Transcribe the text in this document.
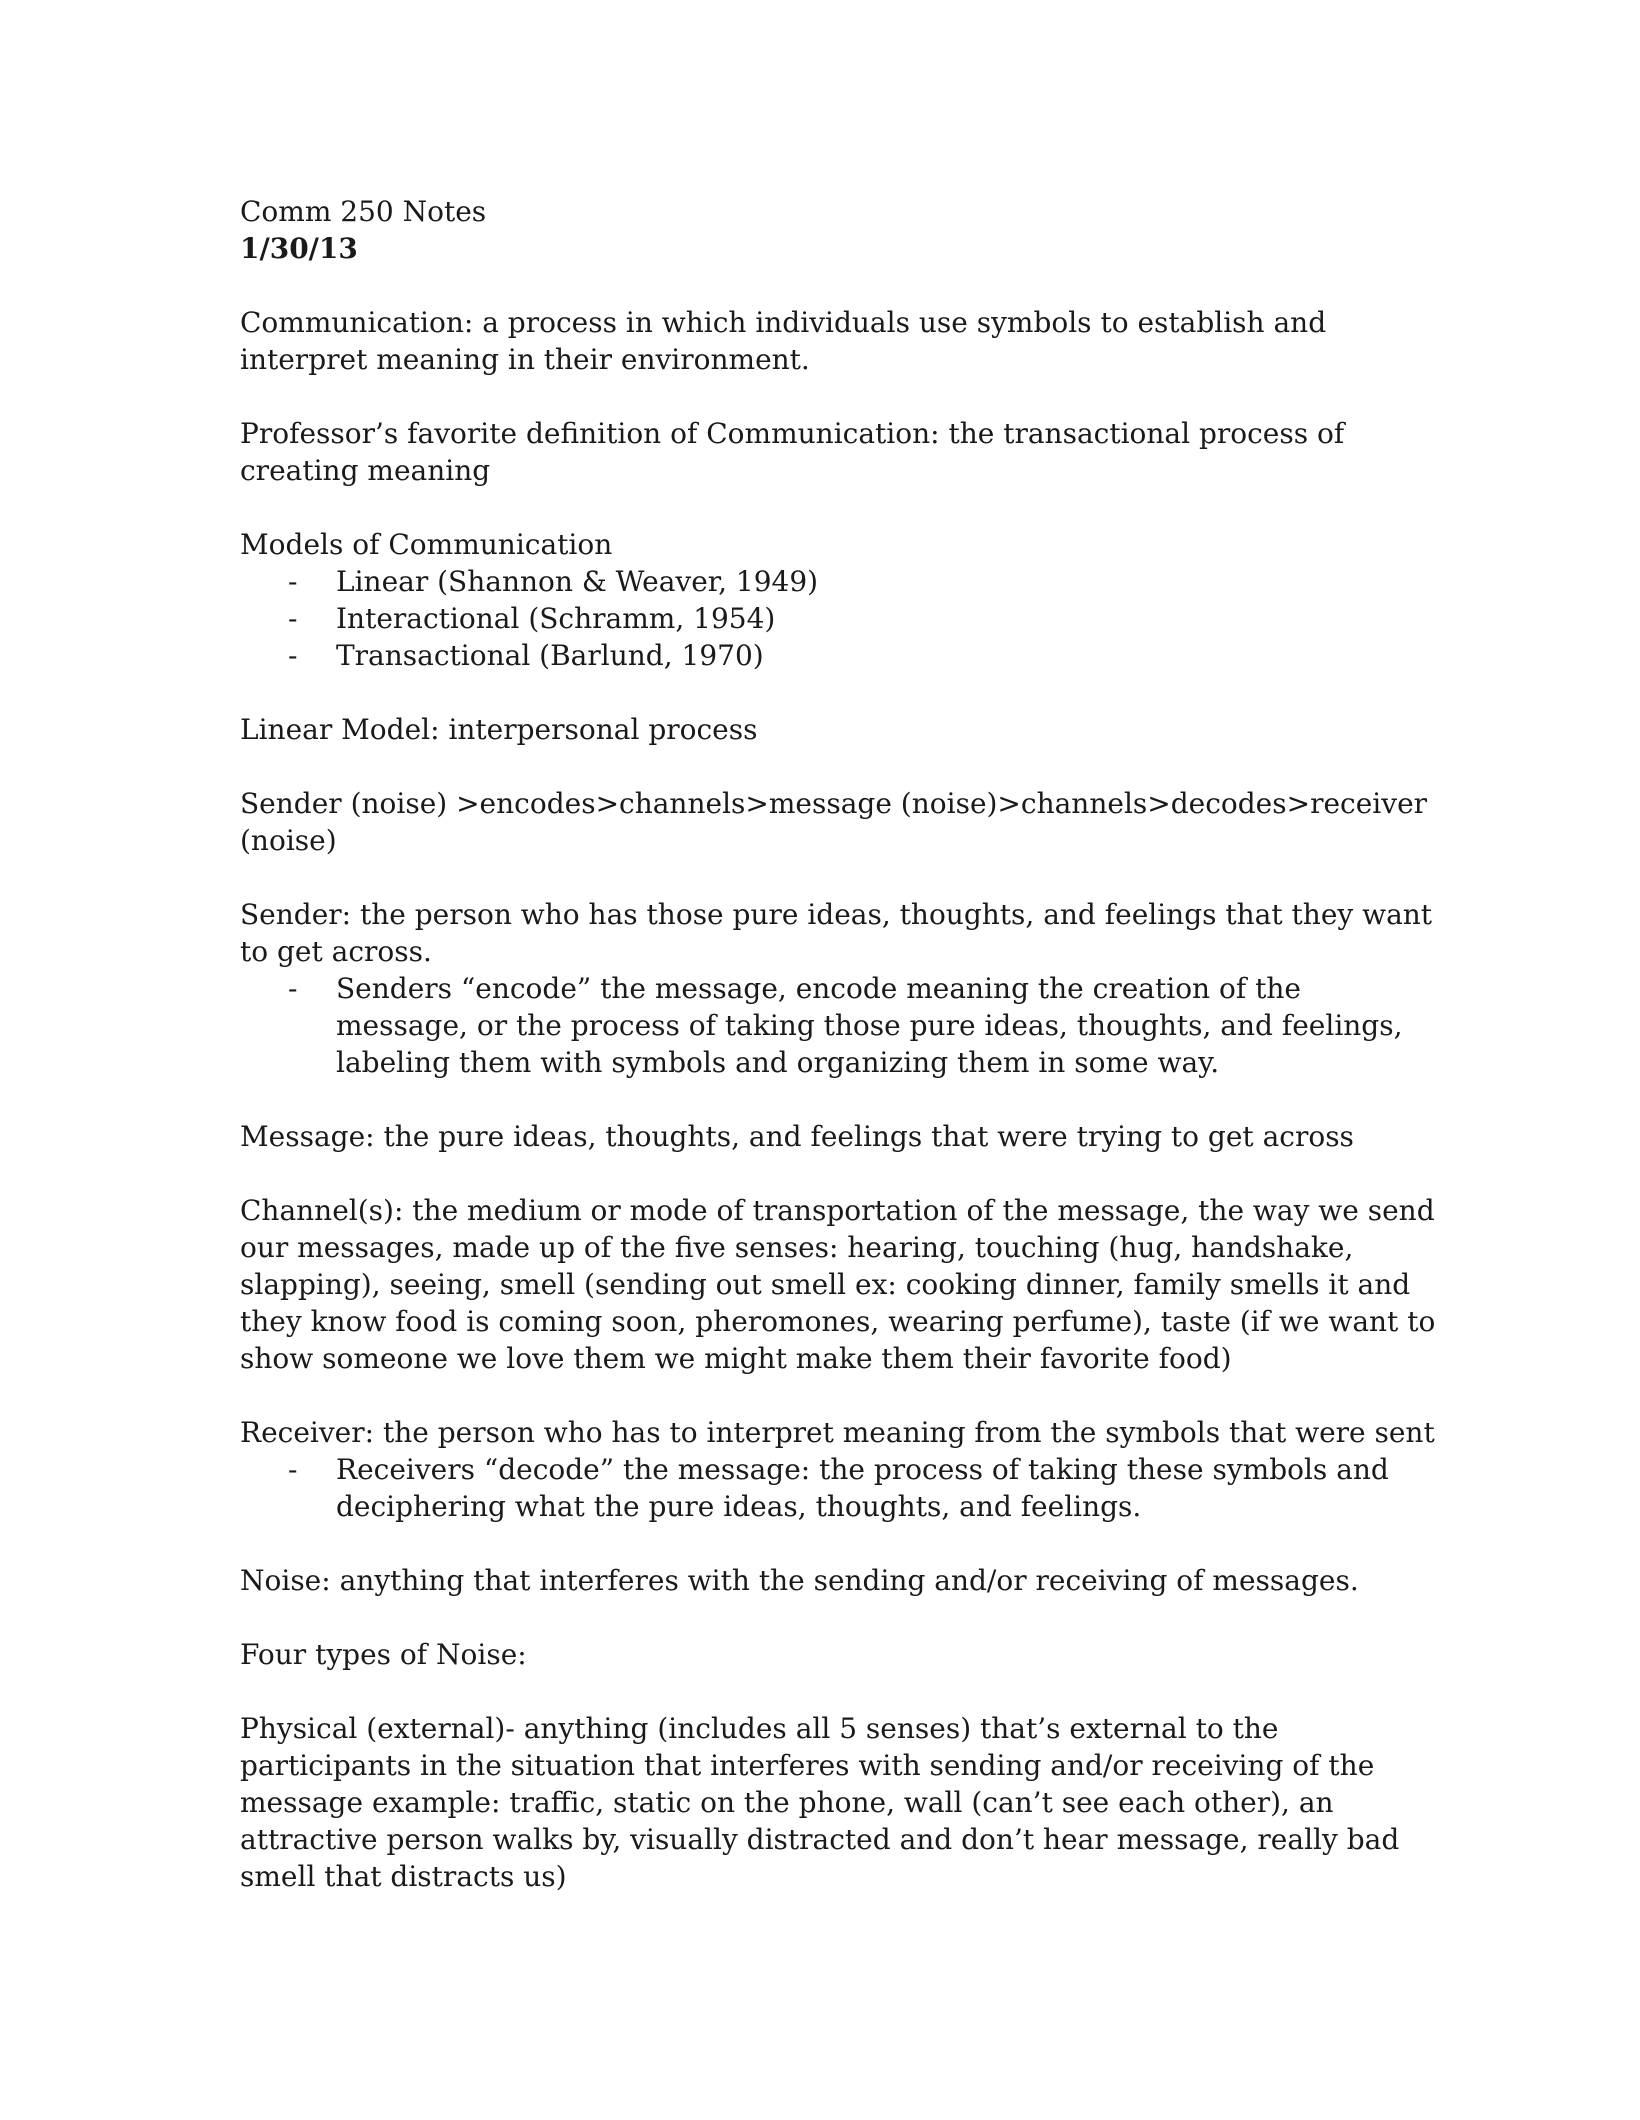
Comm 250 Notes
1/30/13

Communication: a process in which individuals use symbols to establish and interpret meaning in their environment.

Professor’s favorite definition of Communication: the transactional process of creating meaning

Models of Communication
- Linear (Shannon & Weaver, 1949)
- Interactional (Schramm, 1954)
- Transactional (Barlund, 1970)

Linear Model: interpersonal process

Sender (noise) >encodes>channels>message (noise)>channels>decodes>receiver (noise)

Sender: the person who has those pure ideas, thoughts, and feelings that they want to get across.
- Senders “encode” the message, encode meaning the creation of the message, or the process of taking those pure ideas, thoughts, and feelings, labeling them with symbols and organizing them in some way.

Message: the pure ideas, thoughts, and feelings that were trying to get across

Channel(s): the medium or mode of transportation of the message, the way we send our messages, made up of the five senses: hearing, touching (hug, handshake, slapping), seeing, smell (sending out smell ex: cooking dinner, family smells it and they know food is coming soon, pheromones, wearing perfume), taste (if we want to show someone we love them we might make them their favorite food)

Receiver: the person who has to interpret meaning from the symbols that were sent
- Receivers “decode” the message: the process of taking these symbols and deciphering what the pure ideas, thoughts, and feelings.

Noise: anything that interferes with the sending and/or receiving of messages.

Four types of Noise:

Physical (external)- anything (includes all 5 senses) that’s external to the participants in the situation that interferes with sending and/or receiving of the message example: traffic, static on the phone, wall (can’t see each other), an attractive person walks by, visually distracted and don’t hear message, really bad smell that distracts us)
